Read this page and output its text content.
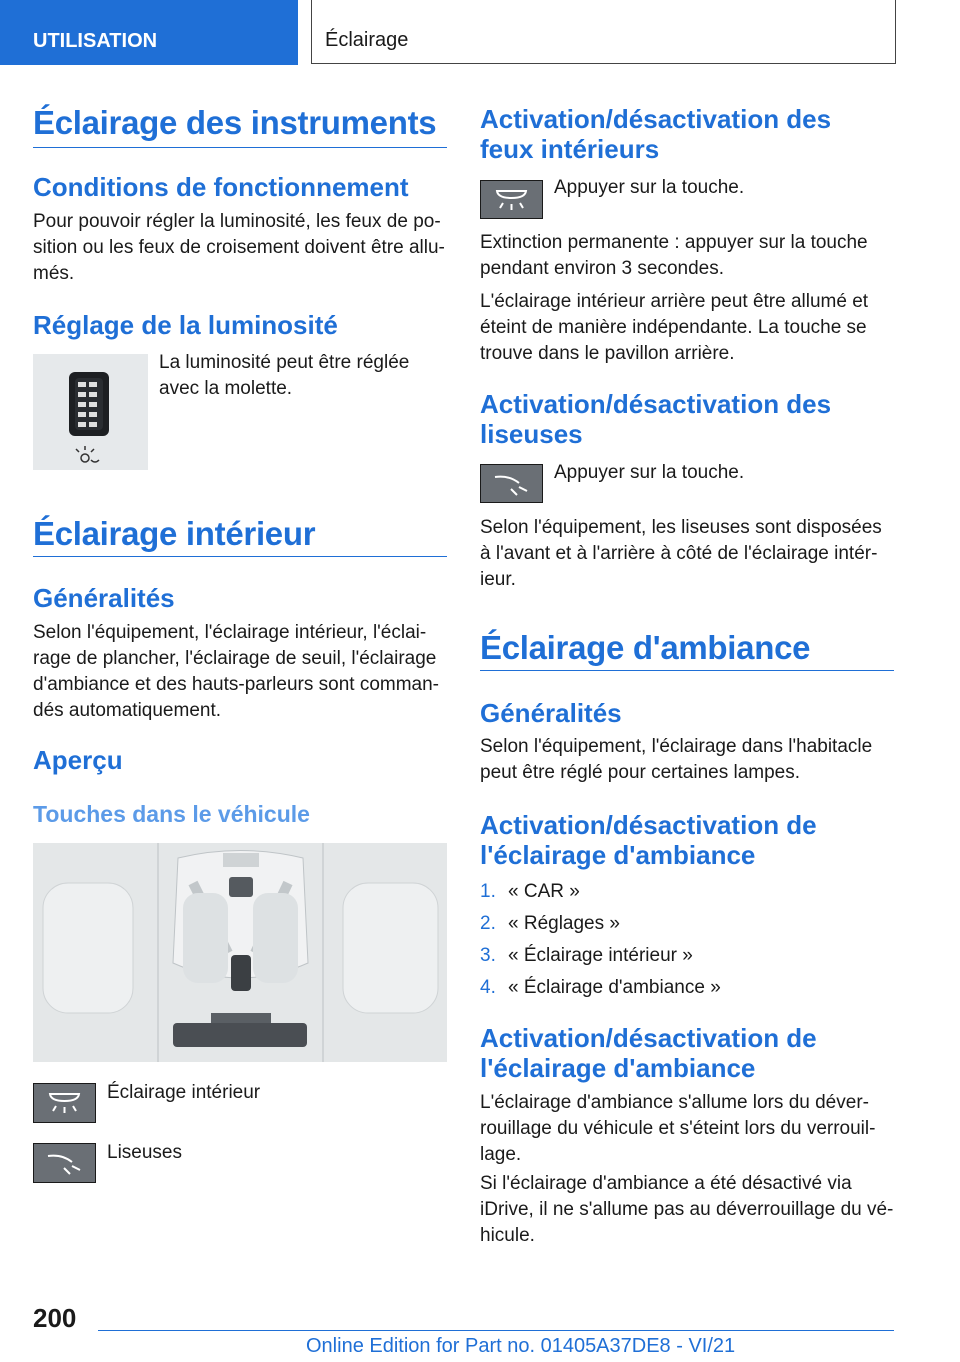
UTILISATION	Éclairage
Éclairage des instruments
Conditions de fonctionnement
Pour pouvoir régler la luminosité, les feux de po-
sition ou les feux de croisement doivent être allu-
més.
Réglage de la luminosité
La luminosité peut être réglée
avec la molette.
Éclairage intérieur
Généralités
Selon l'équipement, l'éclairage intérieur, l'éclai-
rage de plancher, l'éclairage de seuil, l'éclairage
d'ambiance et des hauts-parleurs sont comman-
dés automatiquement.
Aperçu
Touches dans le véhicule
Éclairage intérieur
Liseuses
Activation/désactivation des
feux intérieurs
Appuyer sur la touche.
Extinction permanente : appuyer sur la touche
pendant environ 3 secondes.
L'éclairage intérieur arrière peut être allumé et
éteint de manière indépendante. La touche se
trouve dans le pavillon arrière.
Activation/désactivation des
liseuses
Appuyer sur la touche.
Selon l'équipement, les liseuses sont disposées
à l'avant et à l'arrière à côté de l'éclairage intér-
ieur.
Éclairage d'ambiance
Généralités
Selon l'équipement, l'éclairage dans l'habitacle
peut être réglé pour certaines lampes.
Activation/désactivation de
l'éclairage d'ambiance
1. « CAR »
2. « Réglages »
3. « Éclairage intérieur »
4. « Éclairage d'ambiance »
Activation/désactivation de
l'éclairage d'ambiance
L'éclairage d'ambiance s'allume lors du déver-
rouillage du véhicule et s'éteint lors du verrouil-
lage.
Si l'éclairage d'ambiance a été désactivé via
iDrive, il ne s'allume pas au déverrouillage du vé-
hicule.
200
Online Edition for Part no. 01405A37DE8 - VI/21
